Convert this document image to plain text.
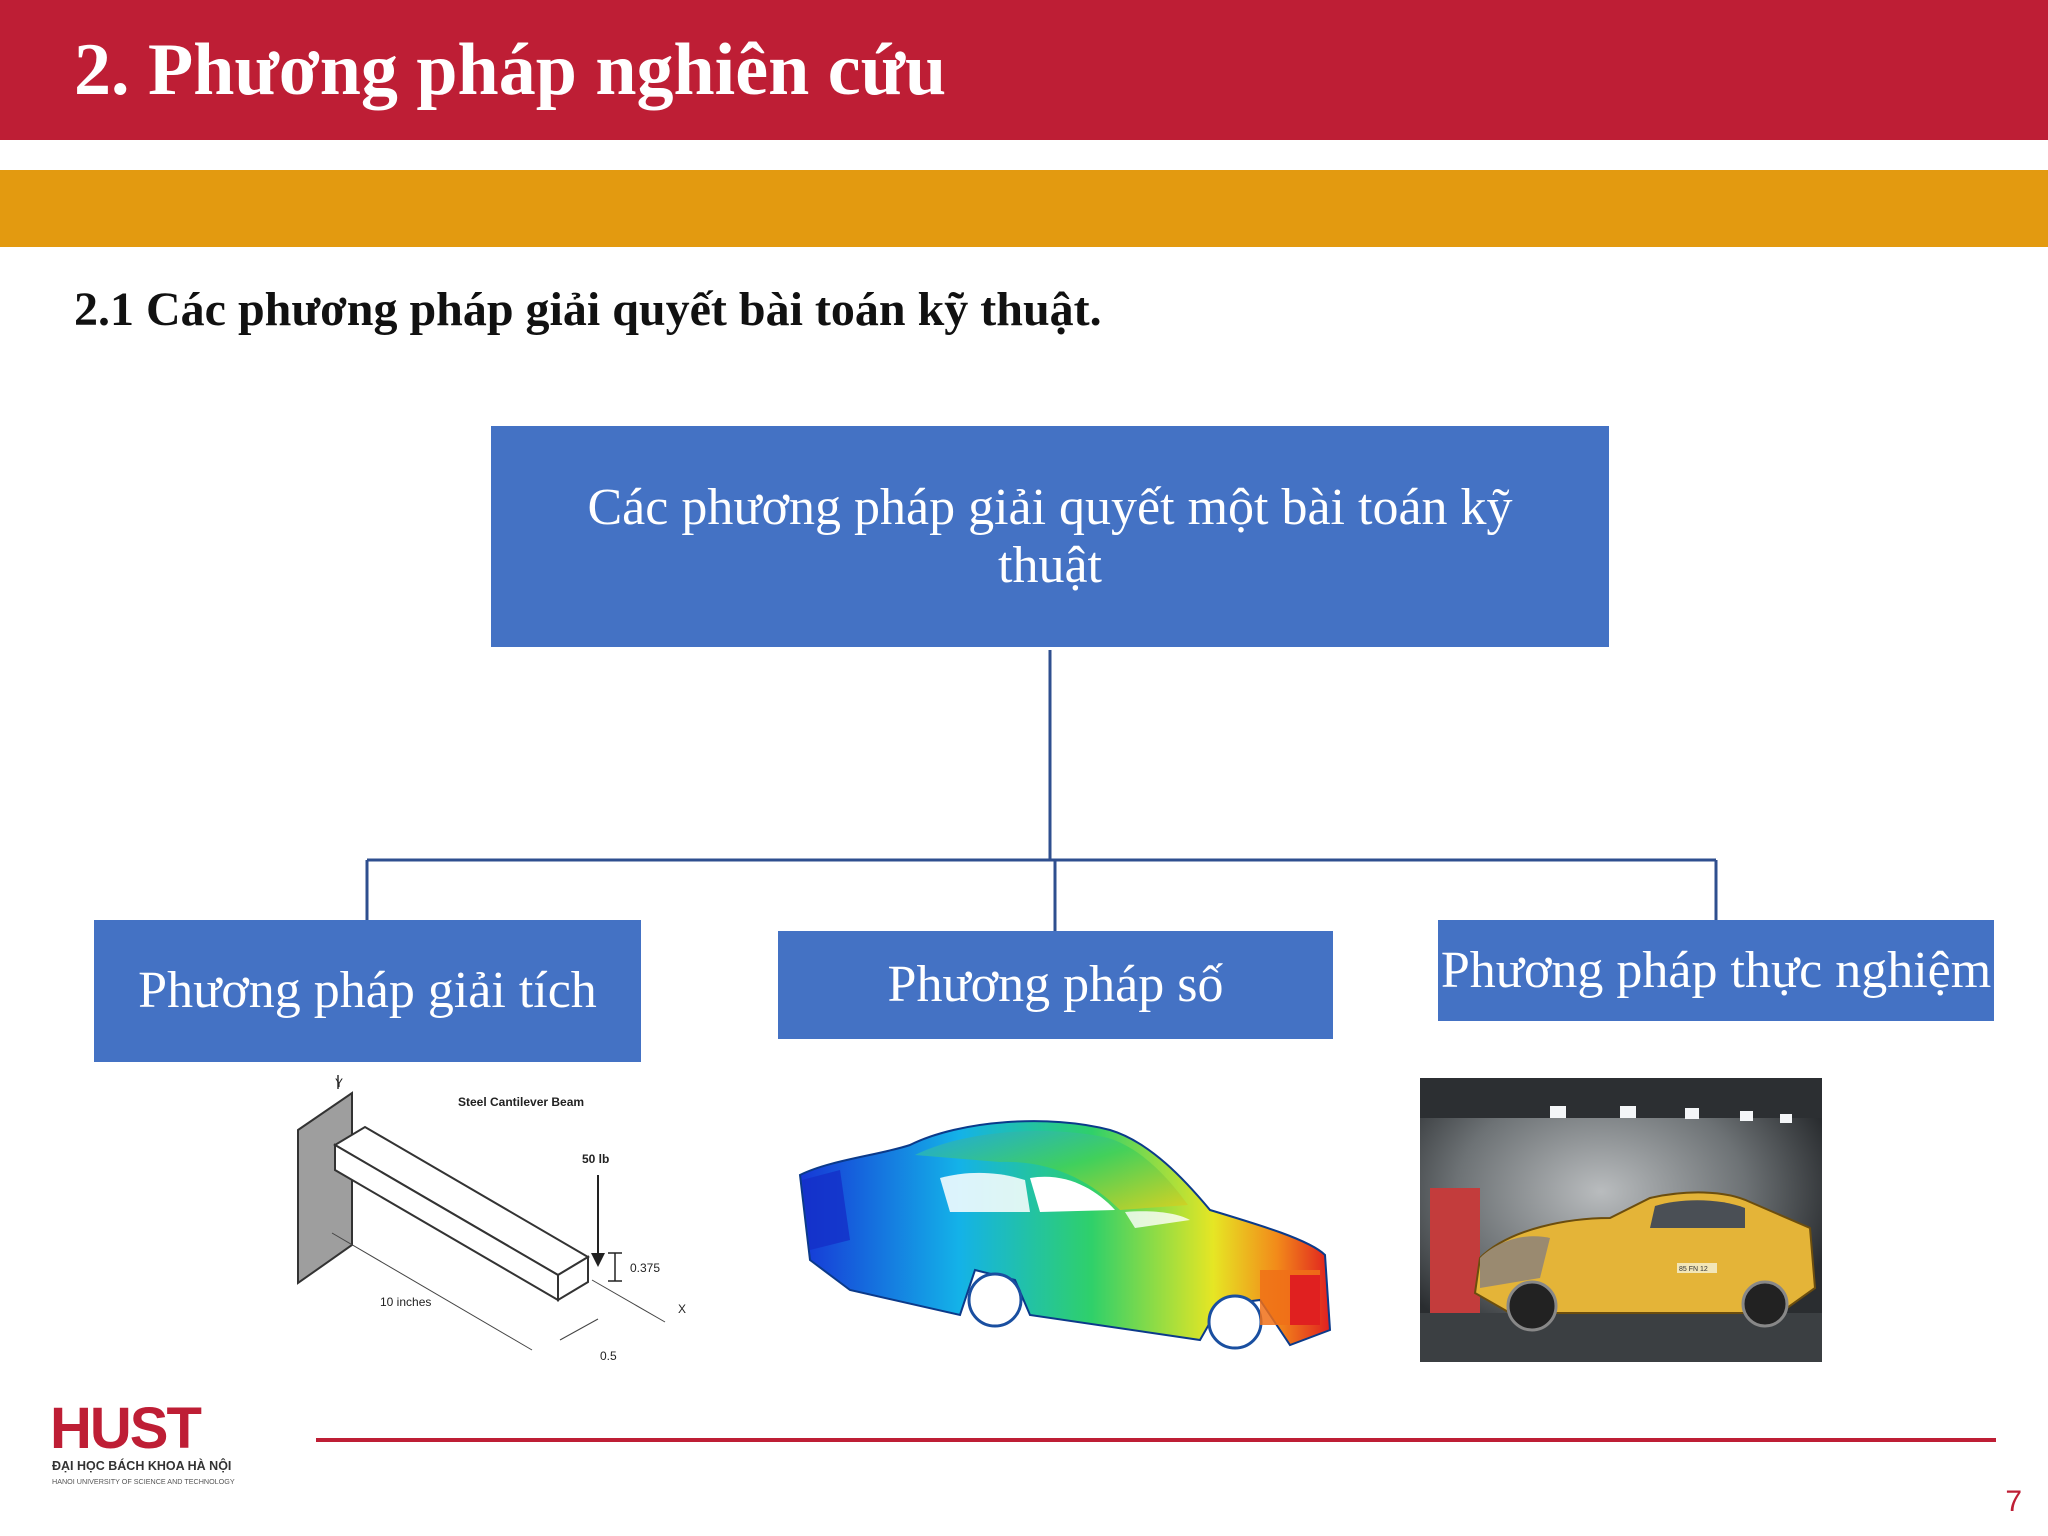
2. Phương pháp nghiên cứu
2.1 Các phương pháp giải quyết bài toán kỹ thuật.
Các phương pháp giải quyết một bài toán kỹ thuật
Phương pháp giải tích	Phương pháp số	Phương pháp thực nghiệm
Y
Steel Cantilever Beam
50 lb
0.375
10 inches
0.5
X
85 FN 12
HUST
ĐẠI HỌC BÁCH KHOA HÀ NỘI
HANOI UNIVERSITY OF SCIENCE AND TECHNOLOGY
7
